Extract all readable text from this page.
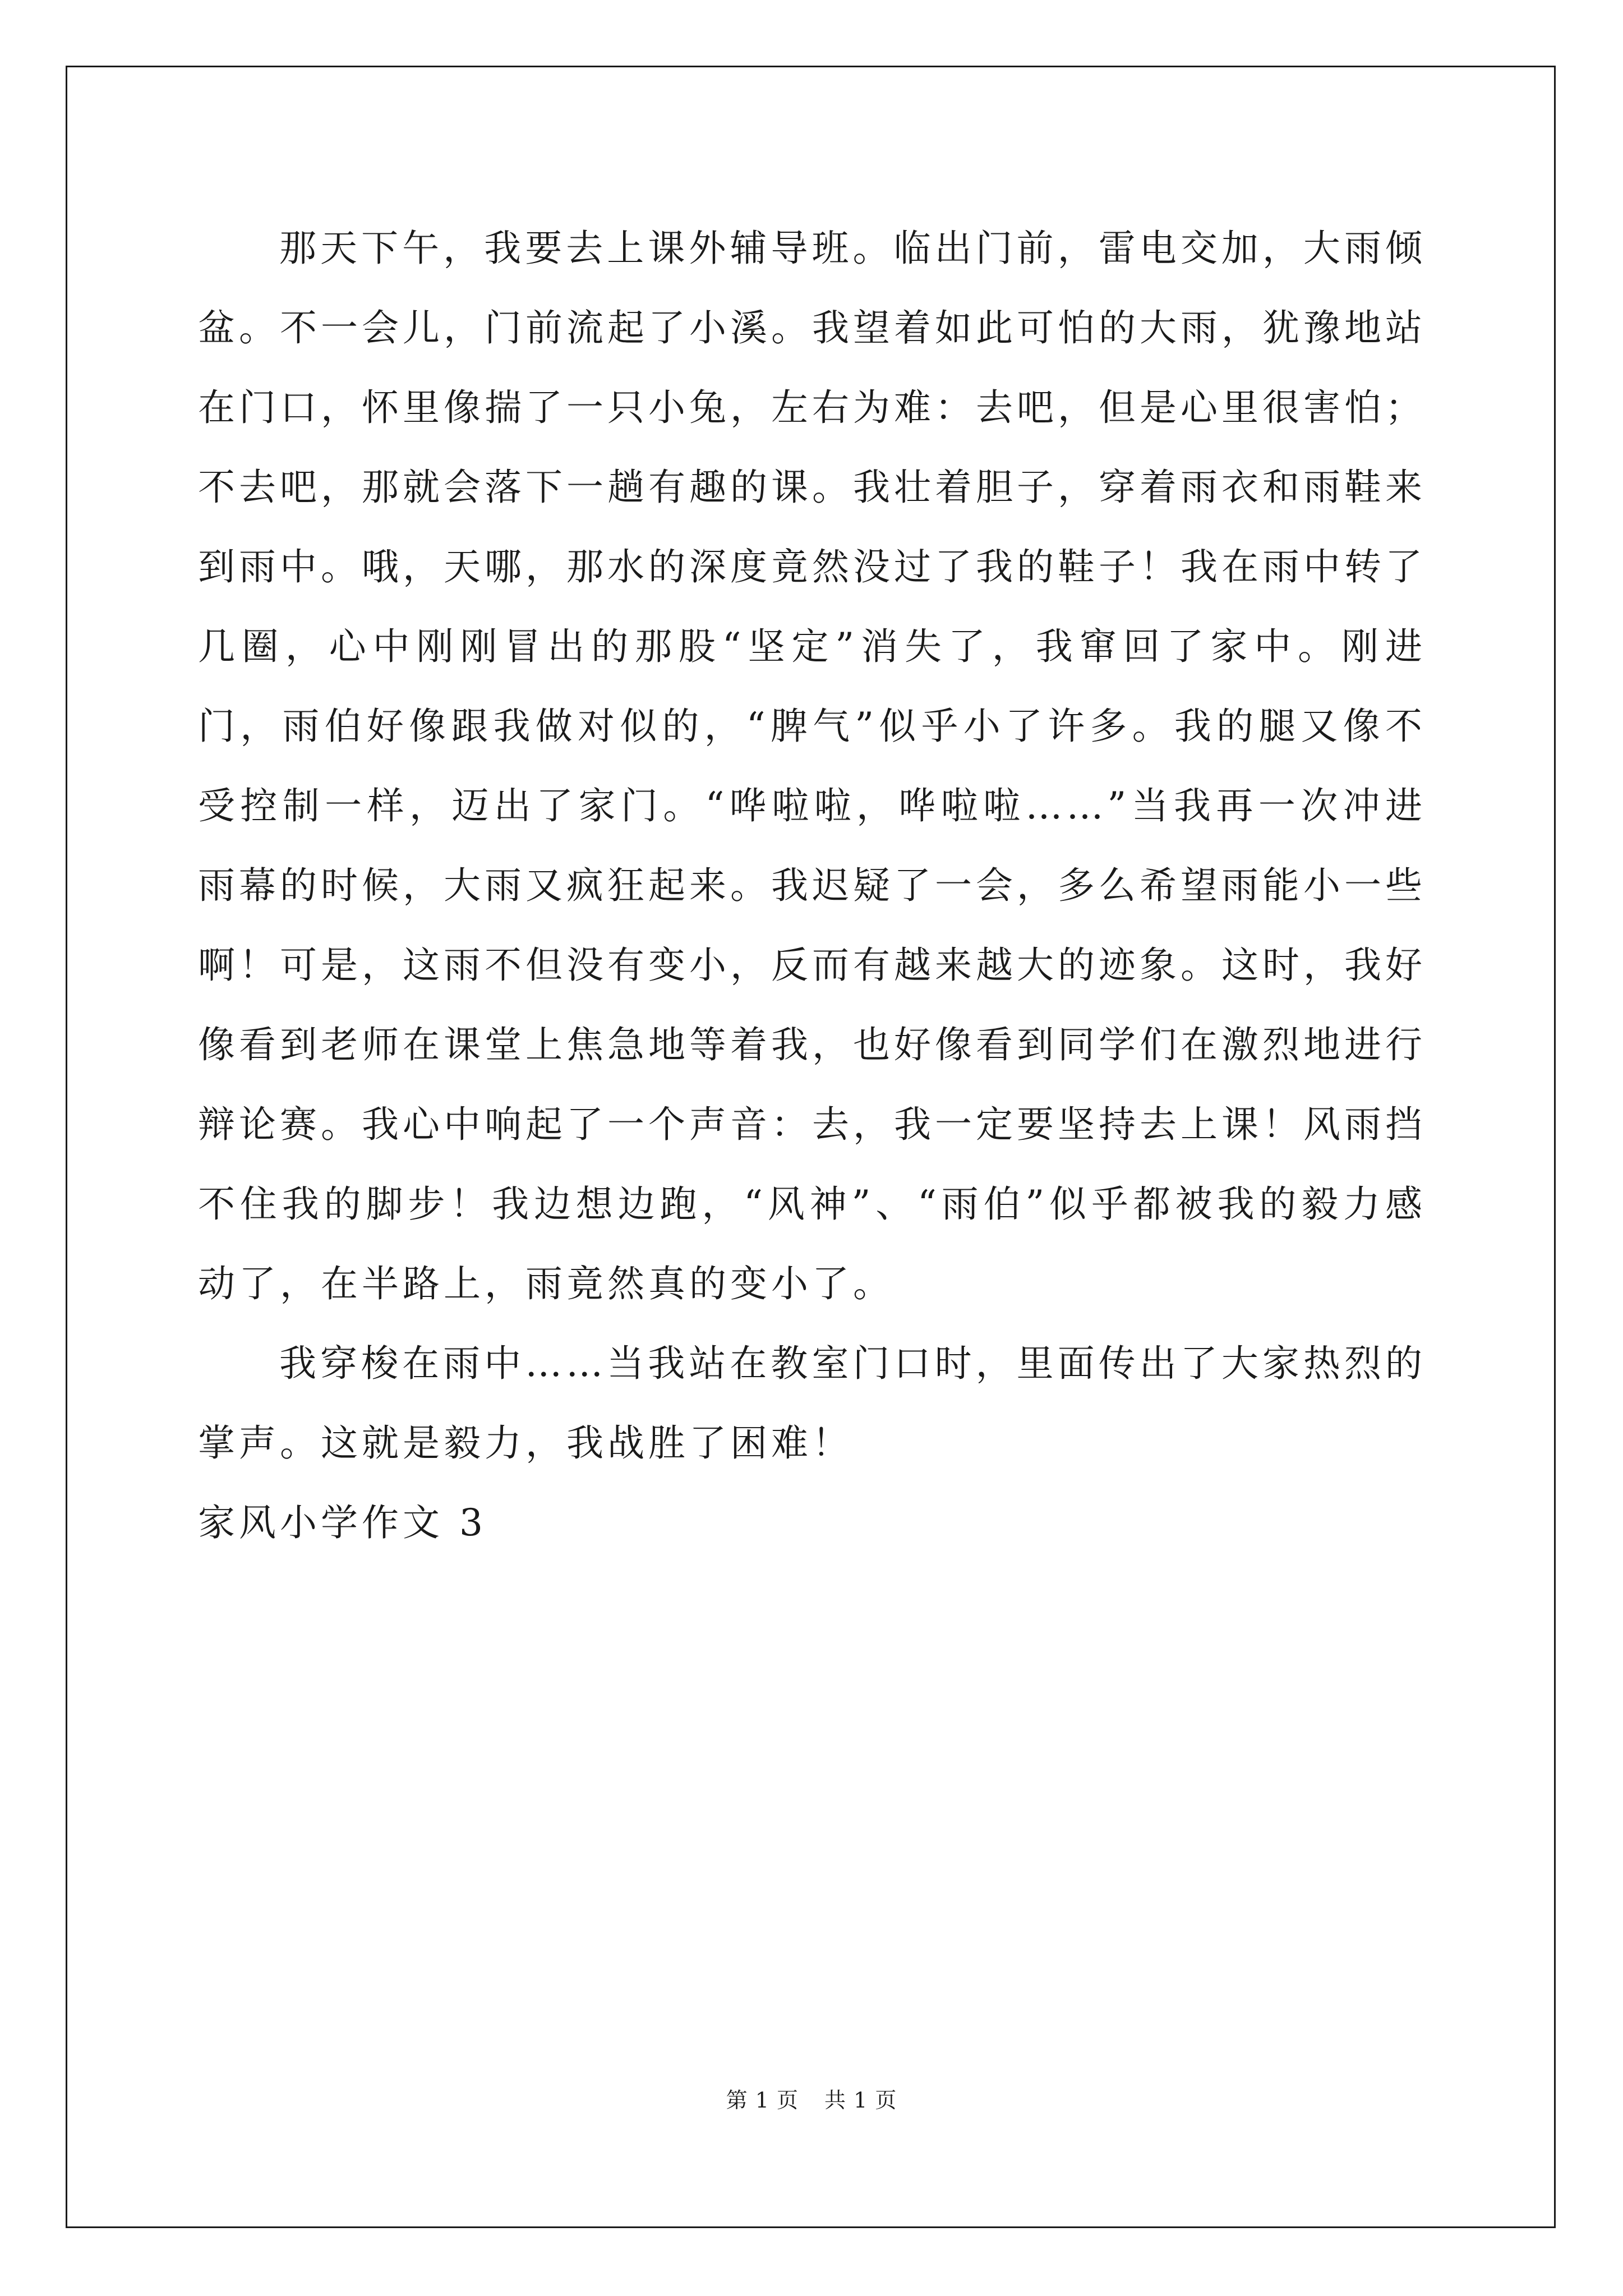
那天下午，我要去上课外辅导班。临出门前，雷电交加，大雨倾盆。不一会儿，门前流起了小溪。我望着如此可怕的大雨，犹豫地站在门口，怀里像揣了一只小兔，左右为难：去吧，但是心里很害怕；不去吧，那就会落下一趟有趣的课。我壮着胆子，穿着雨衣和雨鞋来到雨中。哦，天哪，那水的深度竟然没过了我的鞋子！我在雨中转了几圈，心中刚刚冒出的那股“坚定”消失了，我窜回了家中。刚进门，雨伯好像跟我做对似的，“脾气”似乎小了许多。我的腿又像不受控制一样，迈出了家门。“哗啦啦，哗啦啦……”当我再一次冲进雨幕的时候，大雨又疯狂起来。我迟疑了一会，多么希望雨能小一些啊！可是，这雨不但没有变小，反而有越来越大的迹象。这时，我好像看到老师在课堂上焦急地等着我，也好像看到同学们在激烈地进行辩论赛。我心中响起了一个声音：去，我一定要坚持去上课！风雨挡不住我的脚步！我边想边跑，“风神”、“雨伯”似乎都被我的毅力感动了，在半路上，雨竟然真的变小了。

我穿梭在雨中……当我站在教室门口时，里面传出了大家热烈的掌声。这就是毅力，我战胜了困难！

家风小学作文 3

第 1 页 共 1 页
